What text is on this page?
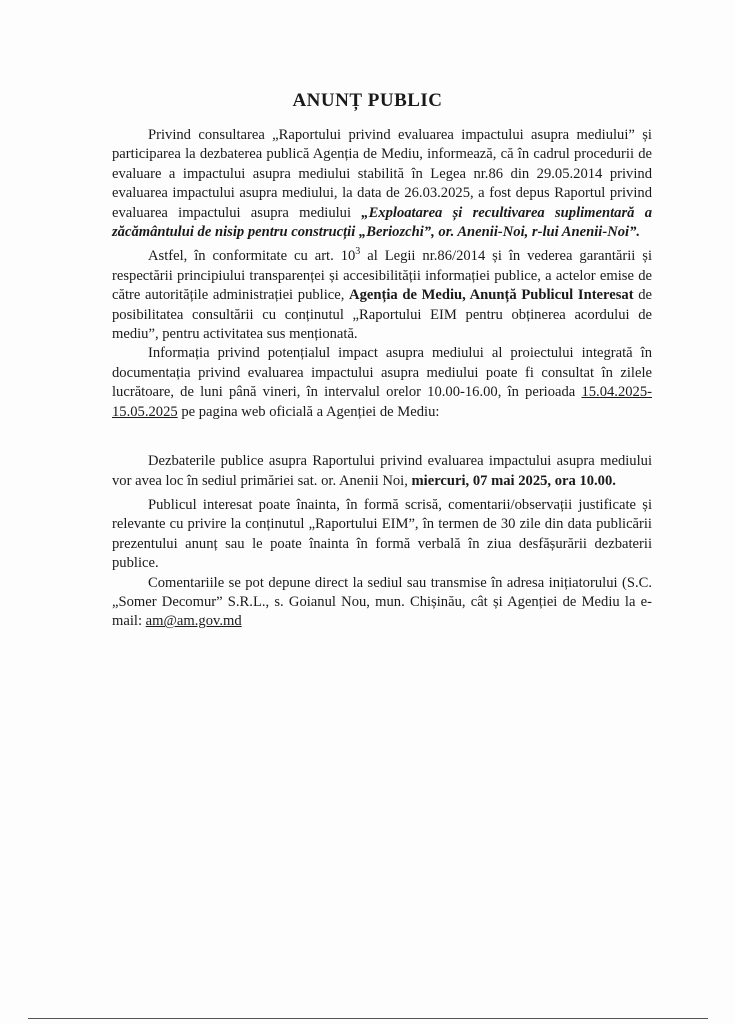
ANUNȚ PUBLIC

Privind consultarea „Raportului privind evaluarea impactului asupra mediului” și participarea la dezbaterea publică Agenția de Mediu, informează, că în cadrul procedurii de evaluare a impactului asupra mediului stabilită în Legea nr.86 din 29.05.2014 privind evaluarea impactului asupra mediului, la data de 26.03.2025, a fost depus Raportul privind evaluarea impactului asupra mediului „Exploatarea și recultivarea suplimentară a zăcământului de nisip pentru construcții „Beriozchi”, or. Anenii-Noi, r-lui Anenii-Noi”.

Astfel, în conformitate cu art. $10^3$ al Legii nr.86/2014 și în vederea garantării și respectării principiului transparenței și accesibilității informației publice, a actelor emise de către autoritățile administrației publice, Agenția de Mediu, Anunță Publicul Interesat de posibilitatea consultării cu conținutul „Raportului EIM pentru obținerea acordului de mediu”, pentru activitatea sus menționată.

Informația privind potențialul impact asupra mediului al proiectului integrată în documentația privind evaluarea impactului asupra mediului poate fi consultat în zilele lucrătoare, de luni până vineri, în intervalul orelor 10.00-16.00, în perioada 15.04.2025-15.05.2025 pe pagina web oficială a Agenției de Mediu:

Dezbaterile publice asupra Raportului privind evaluarea impactului asupra mediului vor avea loc în sediul primăriei sat. or. Anenii Noi, miercuri, 07 mai 2025, ora 10.00.

Publicul interesat poate înainta, în formă scrisă, comentarii/observații justificate și relevante cu privire la conținutul „Raportului EIM”, în termen de 30 zile din data publicării prezentului anunț sau le poate înainta în formă verbală în ziua desfășurării dezbaterii publice.

Comentariile se pot depune direct la sediul sau transmise în adresa inițiatorului (S.C. „Somer Decomur” S.R.L., s. Goianul Nou, mun. Chișinău, cât și Agenției de Mediu la e-mail: am@am.gov.md
